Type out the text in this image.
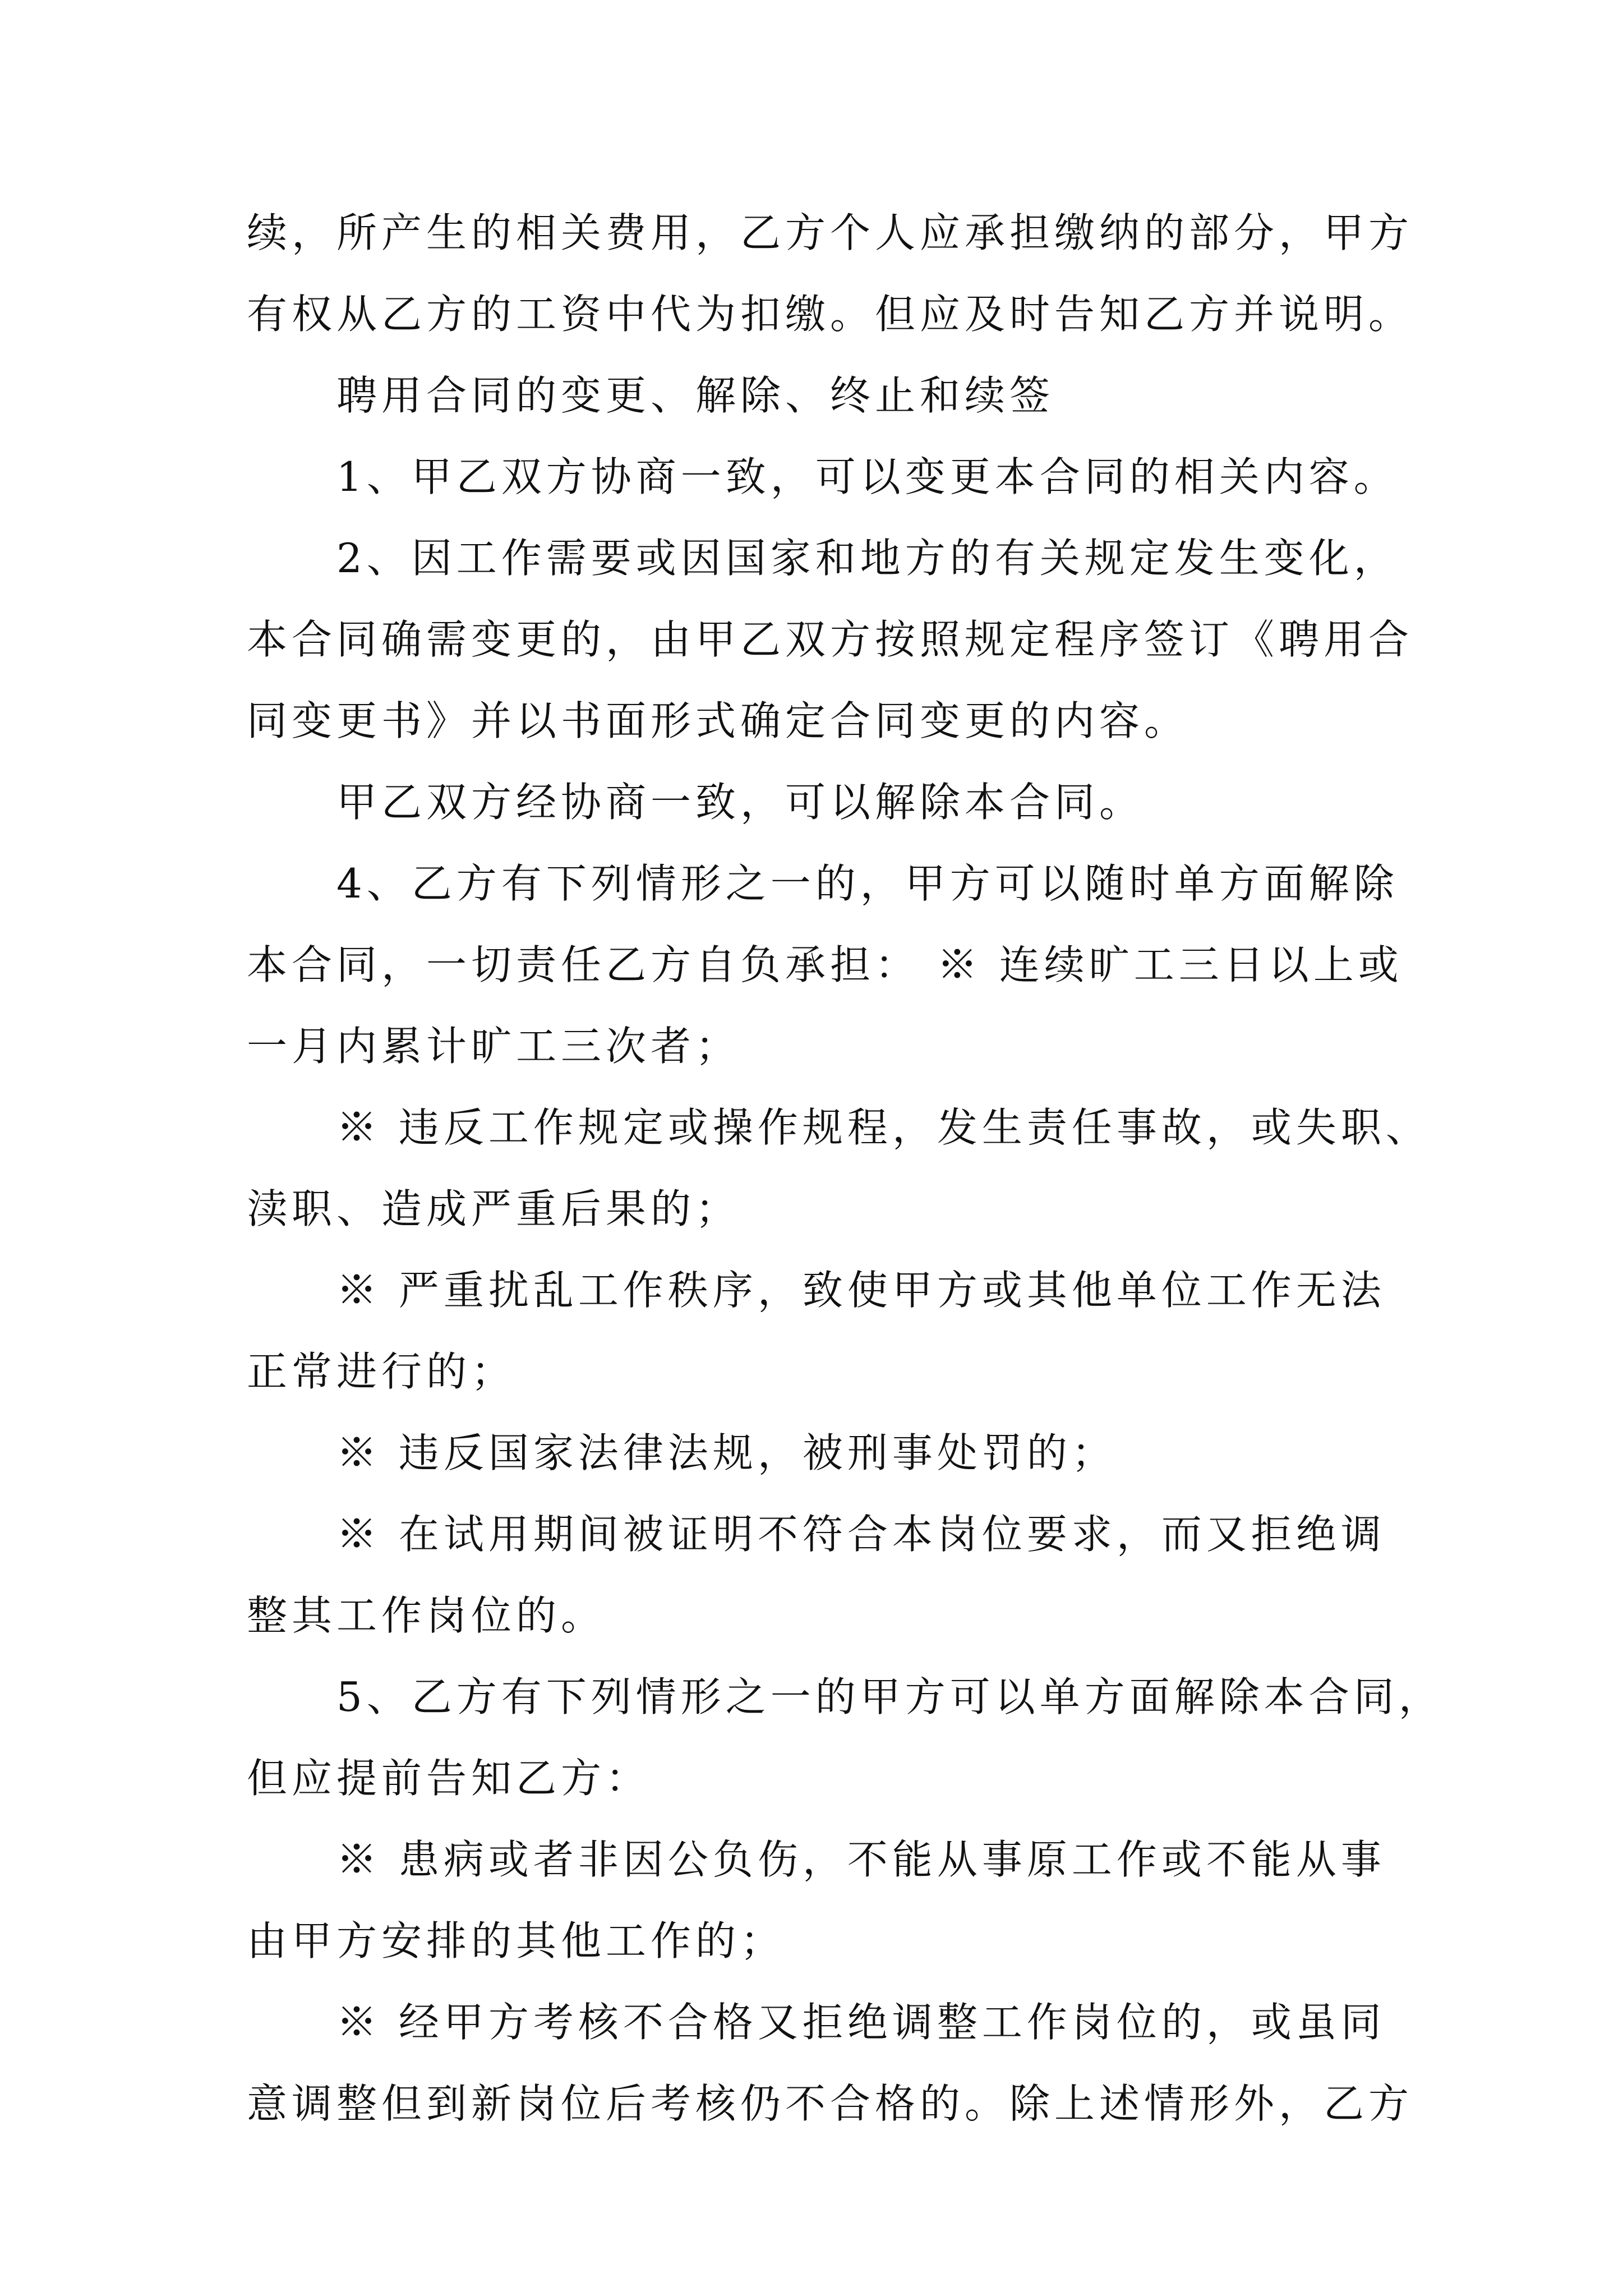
续，所产生的相关费用，乙方个人应承担缴纳的部分，甲方
有权从乙方的工资中代为扣缴。但应及时告知乙方并说明。
聘用合同的变更、解除、终止和续签
1、甲乙双方协商一致，可以变更本合同的相关内容。
2、因工作需要或因国家和地方的有关规定发生变化，
本合同确需变更的，由甲乙双方按照规定程序签订《聘用合
同变更书》并以书面形式确定合同变更的内容。
甲乙双方经协商一致，可以解除本合同。
4、乙方有下列情形之一的，甲方可以随时单方面解除
本合同，一切责任乙方自负承担： ※ 连续旷工三日以上或
一月内累计旷工三次者；
※ 违反工作规定或操作规程，发生责任事故，或失职、
渎职、造成严重后果的；
※ 严重扰乱工作秩序，致使甲方或其他单位工作无法
正常进行的；
※ 违反国家法律法规，被刑事处罚的；
※ 在试用期间被证明不符合本岗位要求，而又拒绝调
整其工作岗位的。
5、乙方有下列情形之一的甲方可以单方面解除本合同，
但应提前告知乙方：
※ 患病或者非因公负伤，不能从事原工作或不能从事
由甲方安排的其他工作的；
※ 经甲方考核不合格又拒绝调整工作岗位的，或虽同
意调整但到新岗位后考核仍不合格的。除上述情形外，乙方
